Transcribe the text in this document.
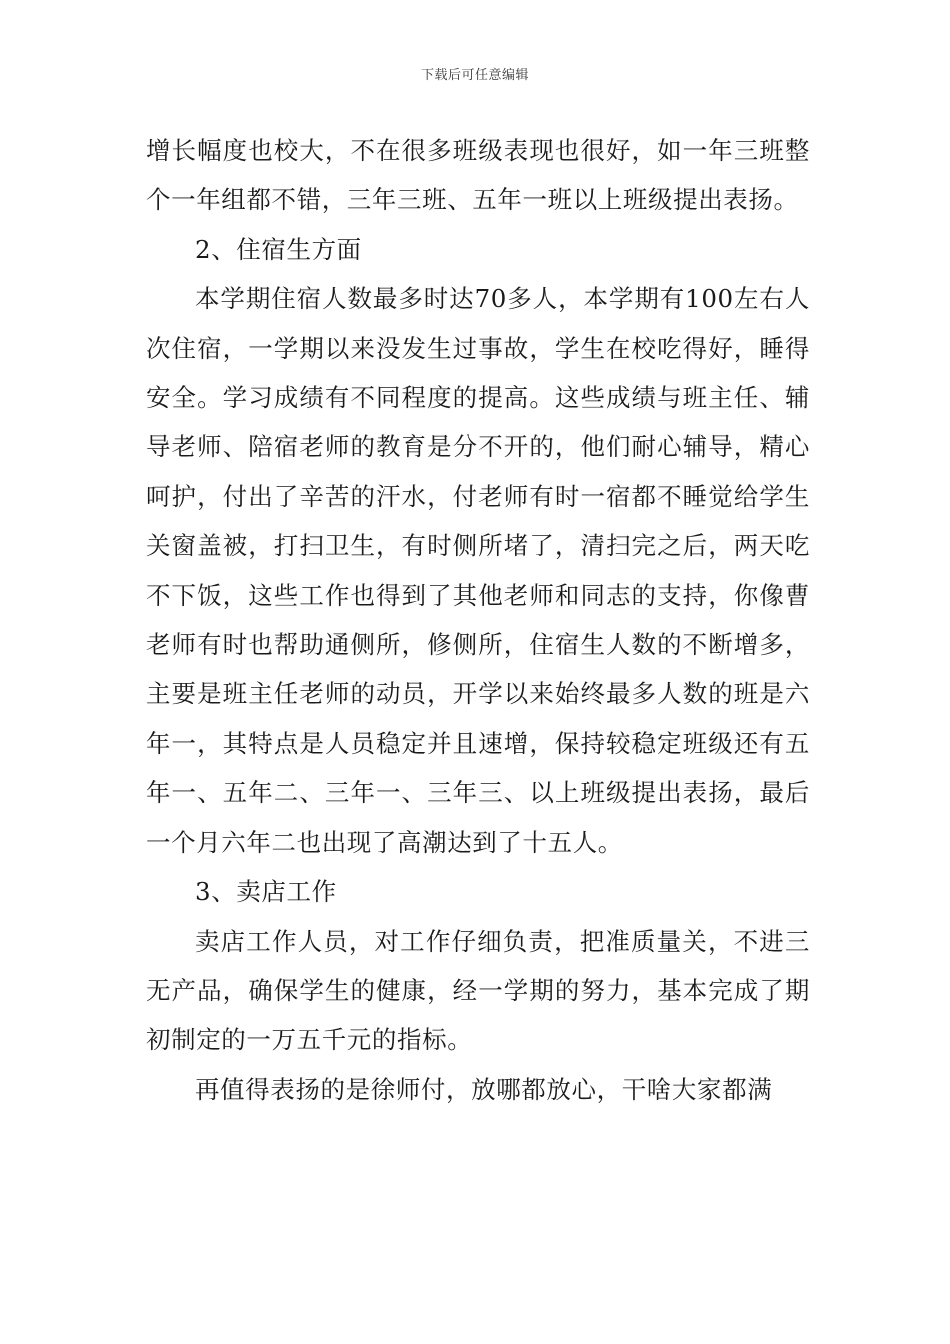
下载后可任意编辑

增长幅度也校大，不在很多班级表现也很好，如一年三班整个一年组都不错，三年三班、五年一班以上班级提出表扬。

2、住宿生方面

本学期住宿人数最多时达70多人，本学期有100左右人次住宿，一学期以来没发生过事故，学生在校吃得好，睡得安全。学习成绩有不同程度的提高。这些成绩与班主任、辅导老师、陪宿老师的教育是分不开的，他们耐心辅导，精心呵护，付出了辛苦的汗水，付老师有时一宿都不睡觉给学生关窗盖被，打扫卫生，有时侧所堵了，清扫完之后，两天吃不下饭，这些工作也得到了其他老师和同志的支持，你像曹老师有时也帮助通侧所，修侧所，住宿生人数的不断增多，主要是班主任老师的动员，开学以来始终最多人数的班是六年一，其特点是人员稳定并且速增，保持较稳定班级还有五年一、五年二、三年一、三年三、以上班级提出表扬，最后一个月六年二也出现了高潮达到了十五人。

3、卖店工作

卖店工作人员，对工作仔细负责，把准质量关，不进三无产品，确保学生的健康，经一学期的努力，基本完成了期初制定的一万五千元的指标。

再值得表扬的是徐师付，放哪都放心，干啥大家都满
